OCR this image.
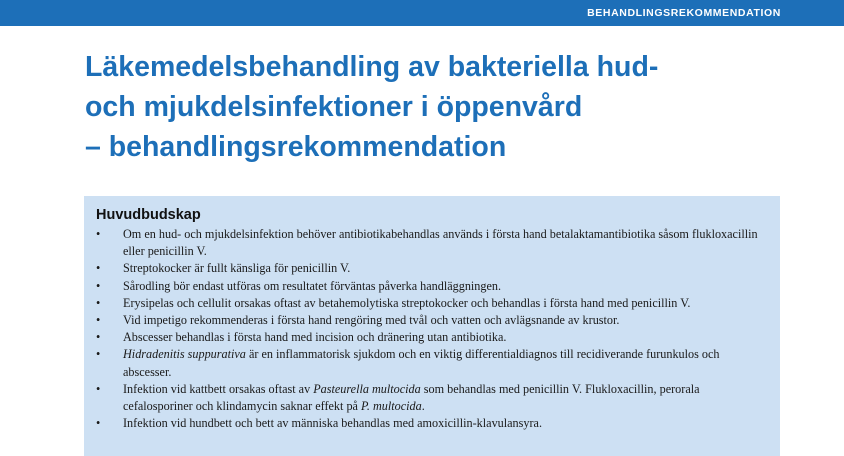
BEHANDLINGSREKOMMENDATION
Läkemedelsbehandling av bakteriella hud-
och mjukdelsinfektioner i öppenvård
– behandlingsrekommendation
Huvudbudskap
• Om en hud- och mjukdelsinfektion behöver antibiotikabehandlas används i första hand betalaktamantibiotika såsom flukloxacillin eller penicillin V.
• Streptokocker är fullt känsliga för penicillin V.
• Sårodling bör endast utföras om resultatet förväntas påverka handläggningen.
• Erysipelas och cellulit orsakas oftast av betahemolytiska streptokocker och behandlas i första hand med penicillin V.
• Vid impetigo rekommenderas i första hand rengöring med tvål och vatten och avlägsnande av krustor.
• Abscesser behandlas i första hand med incision och dränering utan antibiotika.
• Hidradenitis suppurativa är en inflammatorisk sjukdom och en viktig differentialdiagnos till recidiverande furunkulos och abscesser.
• Infektion vid kattbett orsakas oftast av Pasteurella multocida som behandlas med penicillin V. Flukloxacillin, perorala cefalosporiner och klindamycin saknar effekt på P. multocida.
• Infektion vid hundbett och bett av människa behandlas med amoxicillin-klavulansyra.
